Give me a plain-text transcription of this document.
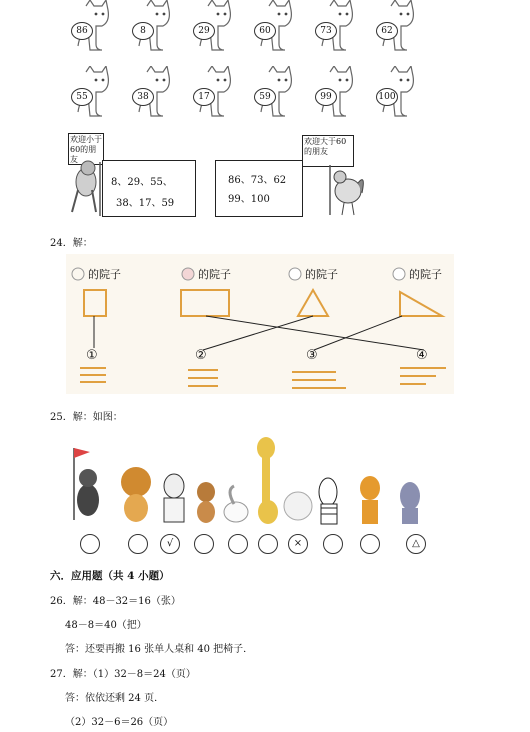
86	8	29	60	73	62
55	38	17	59	99	100
欢迎小于60的朋友
8、29、55、
38、17、59
86、73、62
99、100
欢迎大于60的朋友
24．解：
的院子	的院子	的院子	的院子
①	②	③	④
25．解：如图：
√	×	△
六．应用题（共 4 小题）
26．解：48－32＝16（张）
48－8＝40（把）
答：还要再搬 16 张单人桌和 40 把椅子．
27．解：（1）32－8＝24（页）
答：依依还剩 24 页．
（2）32－6＝26（页）
